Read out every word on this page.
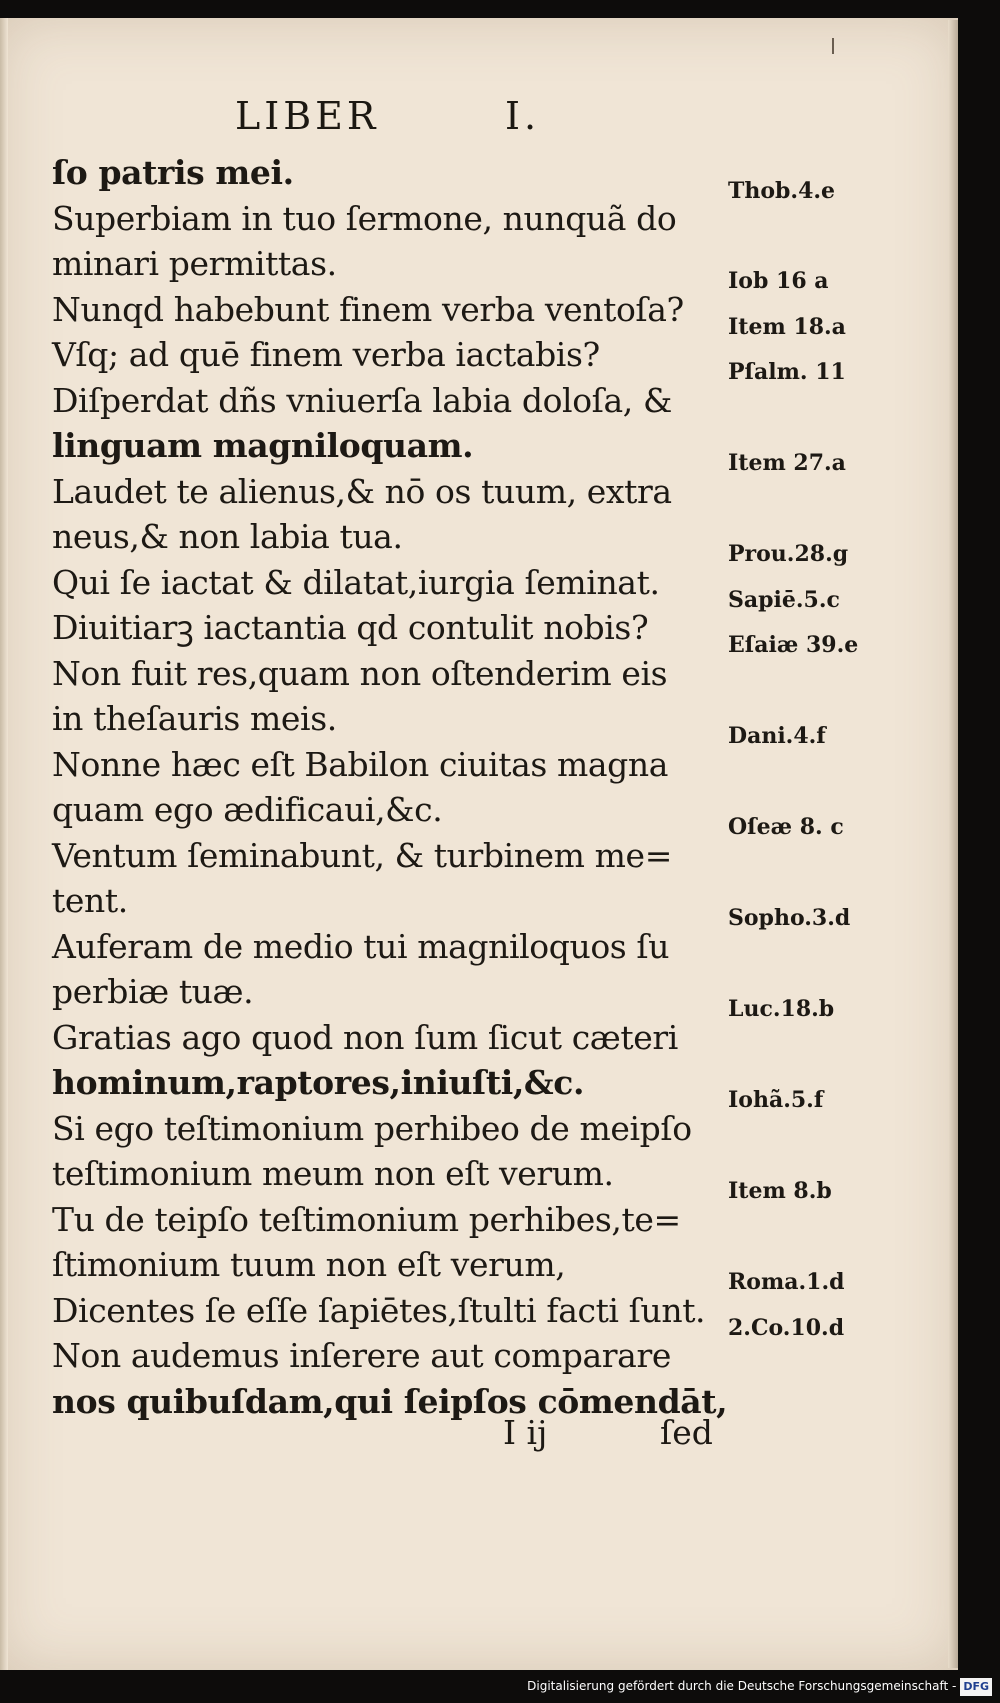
LIBER	I.
ſo patris mei.
Superbiam in tuo ſermone, nunquã do
minari permittas.
Nunqd habebunt finem verba ventoſa?
Vſq; ad quē finem verba iactabis?
Diſperdat dñs vniuerſa labia doloſa, &
linguam magniloquam.
Laudet te alienus,& nō os tuum, extra
neus,& non labia tua.
Qui ſe iactat & dilatat,iurgia ſeminat.
Diuitiarꝫ iactantia qd contulit nobis?
Non fuit res,quam non oſtenderim eis
in theſauris meis.
Nonne hæc eſt Babilon ciuitas magna
quam ego ædificaui,&c.
Ventum ſeminabunt, & turbinem me=
tent.
Auferam de medio tui magniloquos ſu
perbiæ tuæ.
Gratias ago quod non ſum ſicut cæteri
hominum,raptores,iniuſti,&c.
Si ego teſtimonium perhibeo de meipſo
teſtimonium meum non eſt verum.
Tu de teipſo teſtimonium perhibes,te=
ſtimonium tuum non eſt verum,
Dicentes ſe eſſe ſapiētes,ſtulti facti ſunt.
Non audemus inſerere aut comparare
nos quibuſdam,qui ſeipſos cōmendāt,
Thob.4.e
Iob 16 a
Item 18.a
Pſalm. 11
Item 27.a
Prou.28.g
Sapiē.5.c
Eſaiæ 39.e
Dani.4.f
Oſeæ 8. c
Sopho.3.d
Luc.18.b
Iohã.5.f
Item 8.b
Roma.1.d
2.Co.10.d
I ij	ſed
Digitalisierung gefördert durch die Deutsche Forschungsgemeinschaft - DFG
